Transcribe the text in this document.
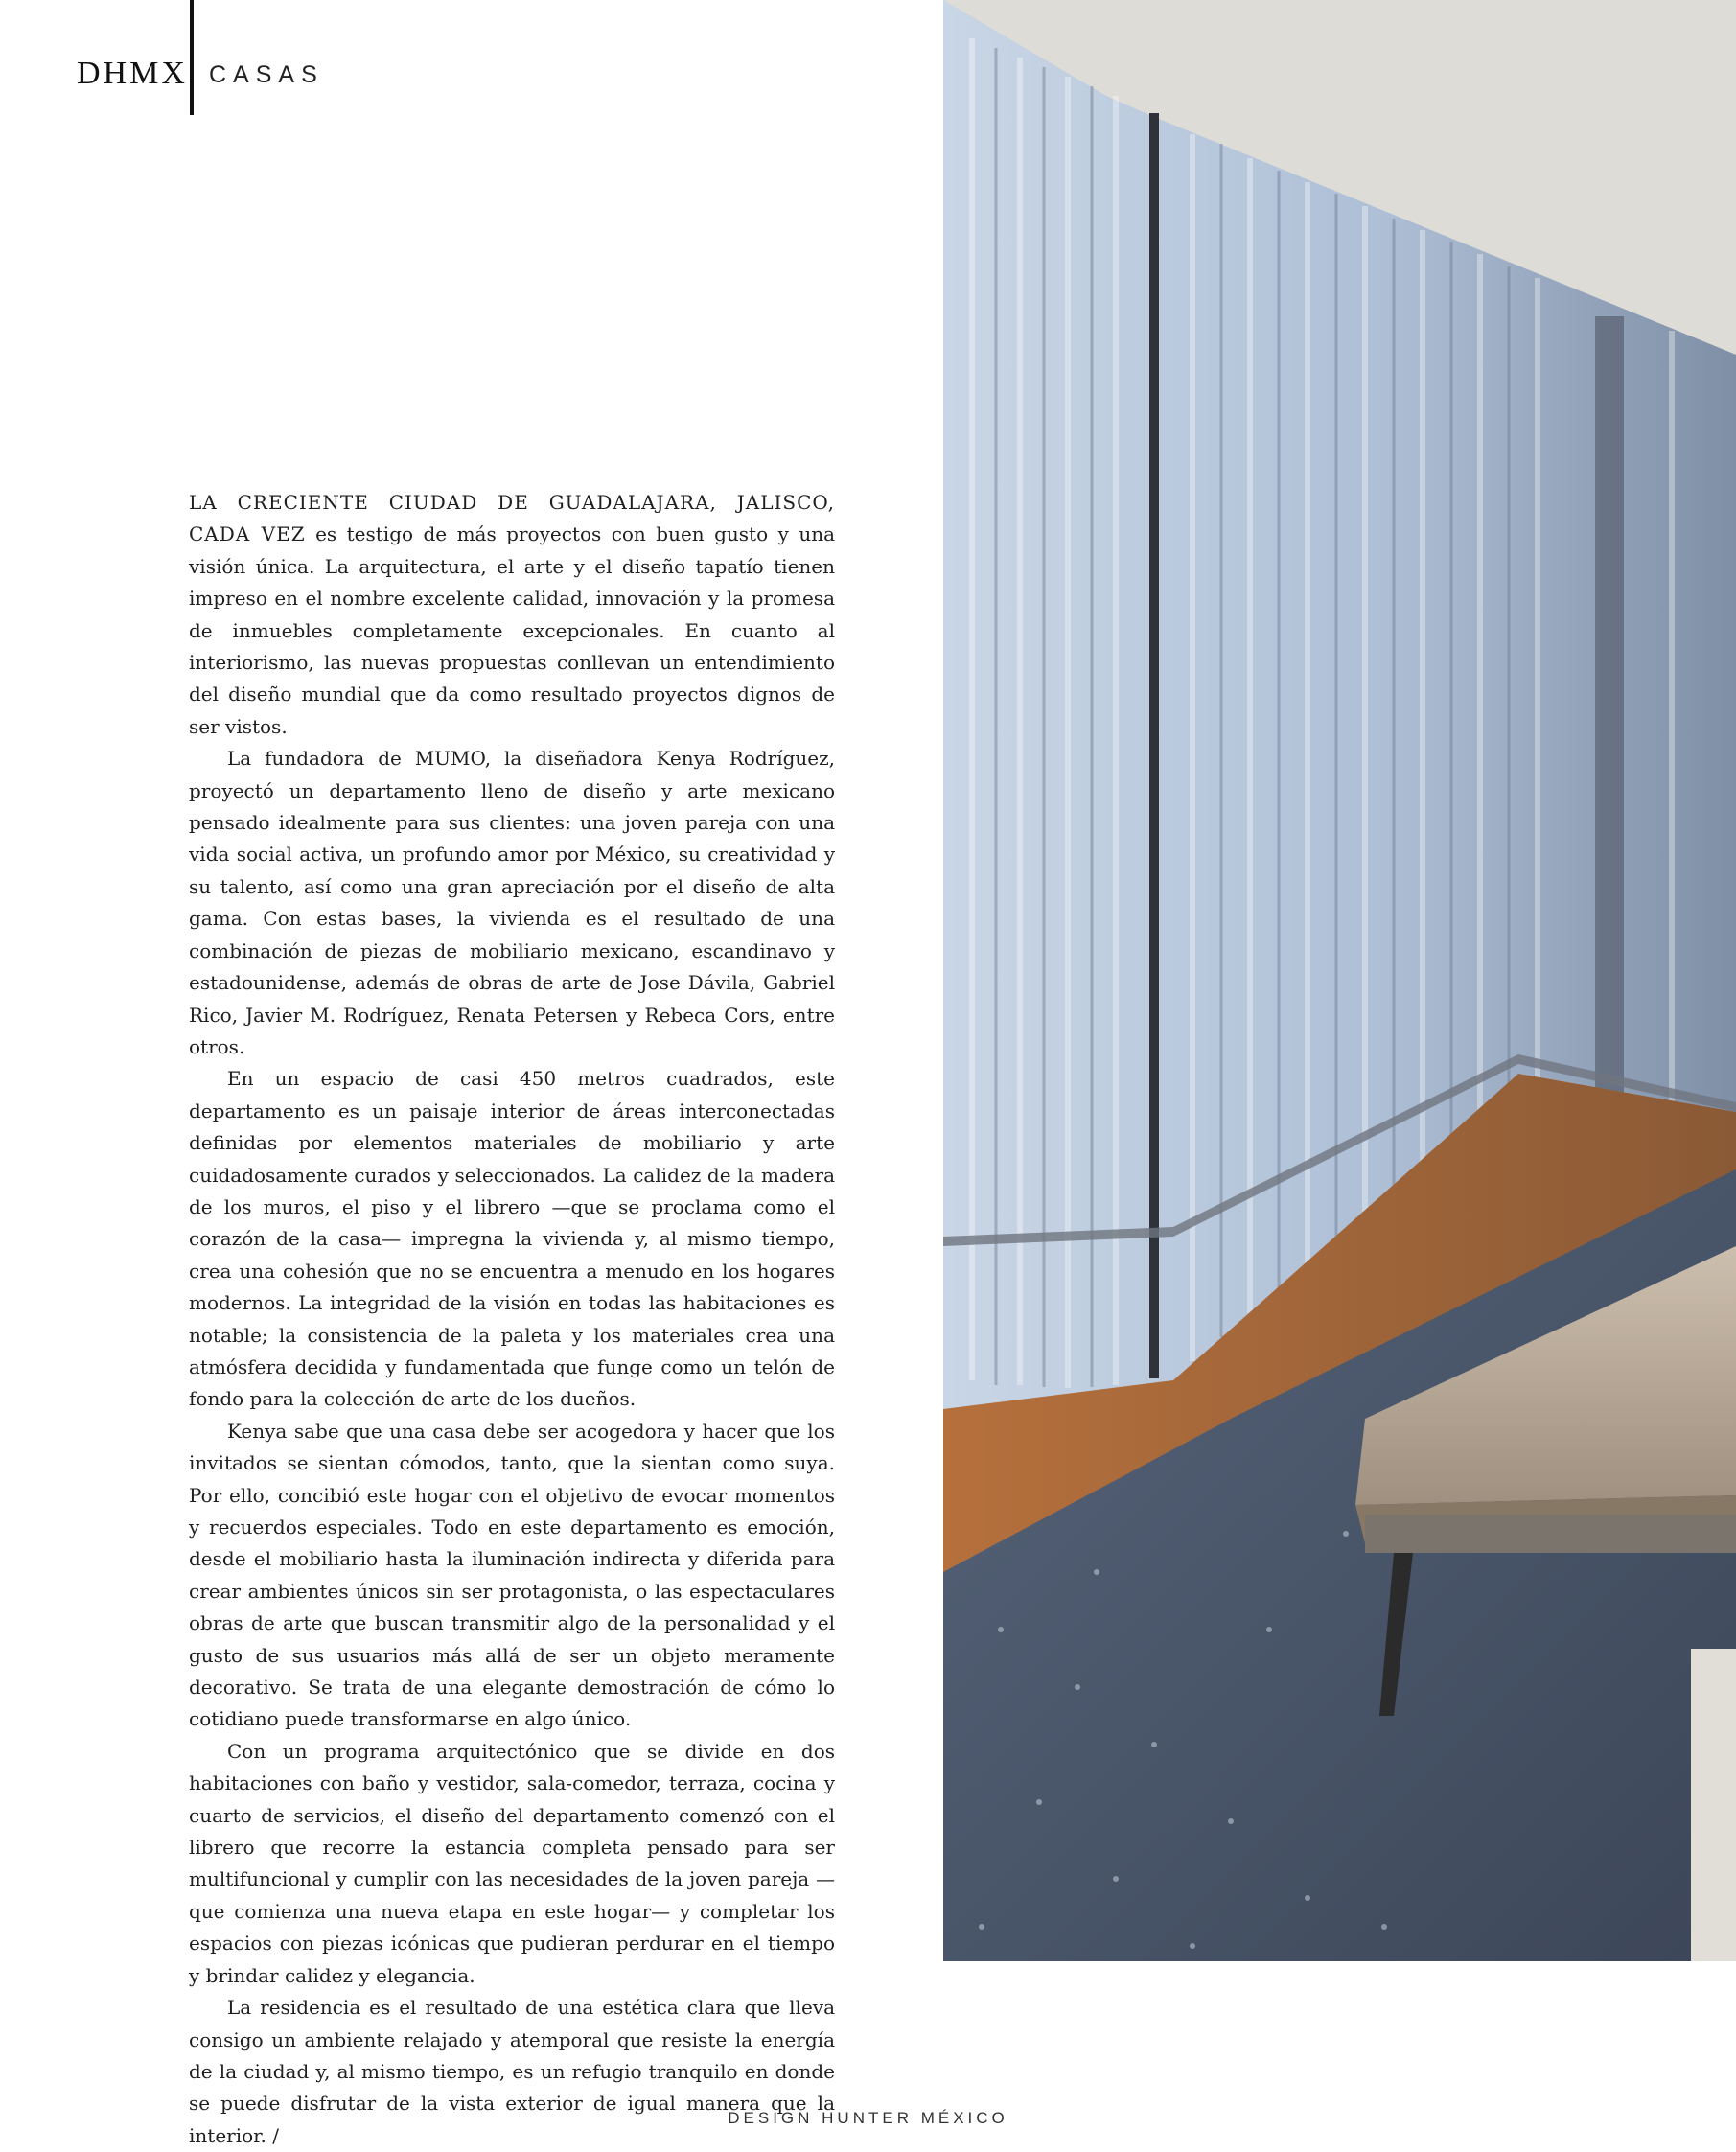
DHMX CASAS

LA CRECIENTE CIUDAD DE GUADALAJARA, JALISCO, CADA VEZ es testigo de más proyectos con buen gusto y una visión única. La arquitectura, el arte y el diseño tapatío tienen impreso en el nombre excelente calidad, innovación y la promesa de inmuebles completamente excepcionales. En cuanto al interiorismo, las nuevas propuestas conllevan un entendimiento del diseño mundial que da como resultado proyectos dignos de ser vistos.

La fundadora de MUMO, la diseñadora Kenya Rodríguez, proyectó un departamento lleno de diseño y arte mexicano pensado idealmente para sus clientes: una joven pareja con una vida social activa, un profundo amor por México, su creatividad y su talento, así como una gran apreciación por el diseño de alta gama. Con estas bases, la vivienda es el resultado de una combinación de piezas de mobiliario mexicano, escandinavo y estadounidense, además de obras de arte de Jose Dávila, Gabriel Rico, Javier M. Rodríguez, Renata Petersen y Rebeca Cors, entre otros.

En un espacio de casi 450 metros cuadrados, este departamento es un paisaje interior de áreas interconectadas definidas por elementos materiales de mobiliario y arte cuidadosamente curados y seleccionados. La calidez de la madera de los muros, el piso y el librero —que se proclama como el corazón de la casa— impregna la vivienda y, al mismo tiempo, crea una cohesión que no se encuentra a menudo en los hogares modernos. La integridad de la visión en todas las habitaciones es notable; la consistencia de la paleta y los materiales crea una atmósfera decidida y fundamentada que funge como un telón de fondo para la colección de arte de los dueños.

Kenya sabe que una casa debe ser acogedora y hacer que los invitados se sientan cómodos, tanto, que la sientan como suya. Por ello, concibió este hogar con el objetivo de evocar momentos y recuerdos especiales. Todo en este departamento es emoción, desde el mobiliario hasta la iluminación indirecta y diferida para crear ambientes únicos sin ser protagonista, o las espectaculares obras de arte que buscan transmitir algo de la personalidad y el gusto de sus usuarios más allá de ser un objeto meramente decorativo. Se trata de una elegante demostración de cómo lo cotidiano puede transformarse en algo único.

Con un programa arquitectónico que se divide en dos habitaciones con baño y vestidor, sala-comedor, terraza, cocina y cuarto de servicios, el diseño del departamento comenzó con el librero que recorre la estancia completa pensado para ser multifuncional y cumplir con las necesidades de la joven pareja —que comienza una nueva etapa en este hogar— y completar los espacios con piezas icónicas que pudieran perdurar en el tiempo y brindar calidez y elegancia.

La residencia es el resultado de una estética clara que lleva consigo un ambiente relajado y atemporal que resiste la energía de la ciudad y, al mismo tiempo, es un refugio tranquilo en donde se puede disfrutar de la vista exterior de igual manera que la interior. /

DESIGN HUNTER MÉXICO
